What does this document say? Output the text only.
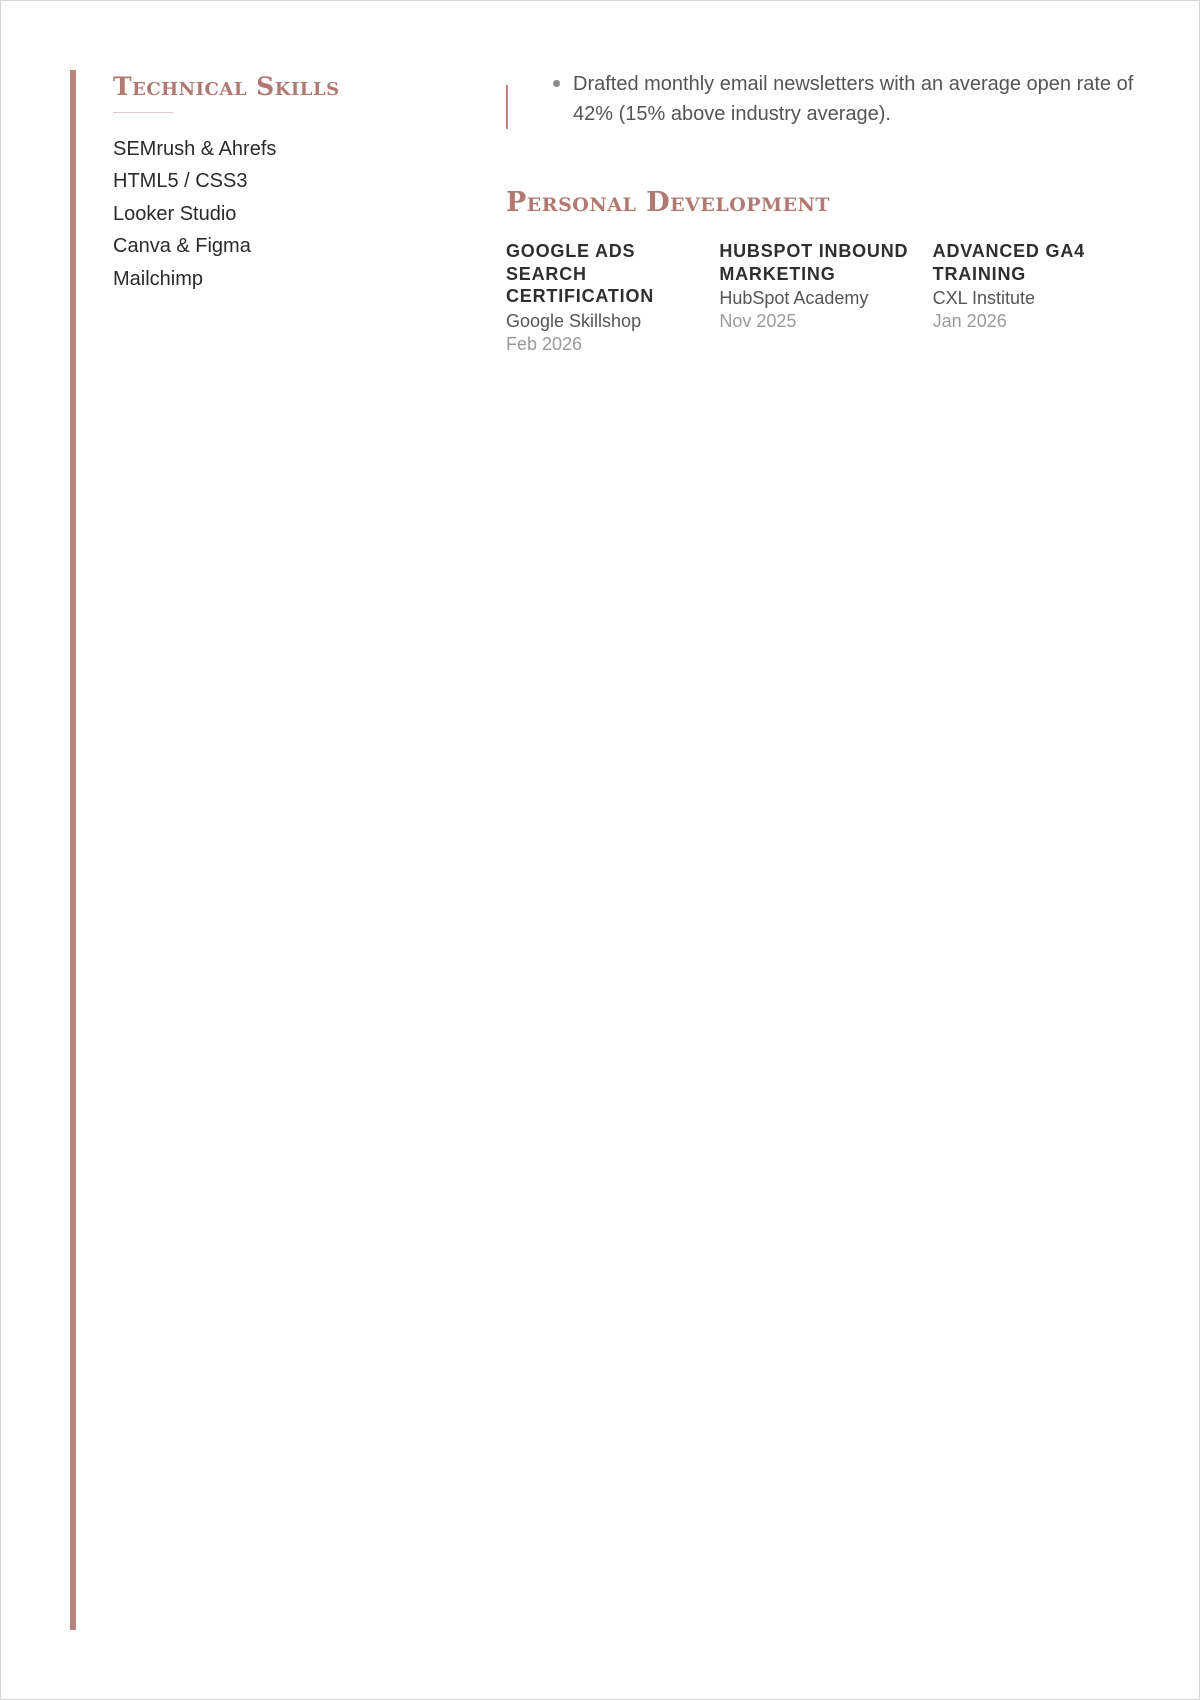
Technical Skills
SEMrush & Ahrefs
HTML5 / CSS3
Looker Studio
Canva & Figma
Mailchimp
Drafted monthly email newsletters with an average open rate of 42% (15% above industry average).
Personal Development
GOOGLE ADS SEARCH CERTIFICATION
Google Skillshop
Feb 2026
HUBSPOT INBOUND MARKETING
HubSpot Academy
Nov 2025
ADVANCED GA4 TRAINING
CXL Institute
Jan 2026
